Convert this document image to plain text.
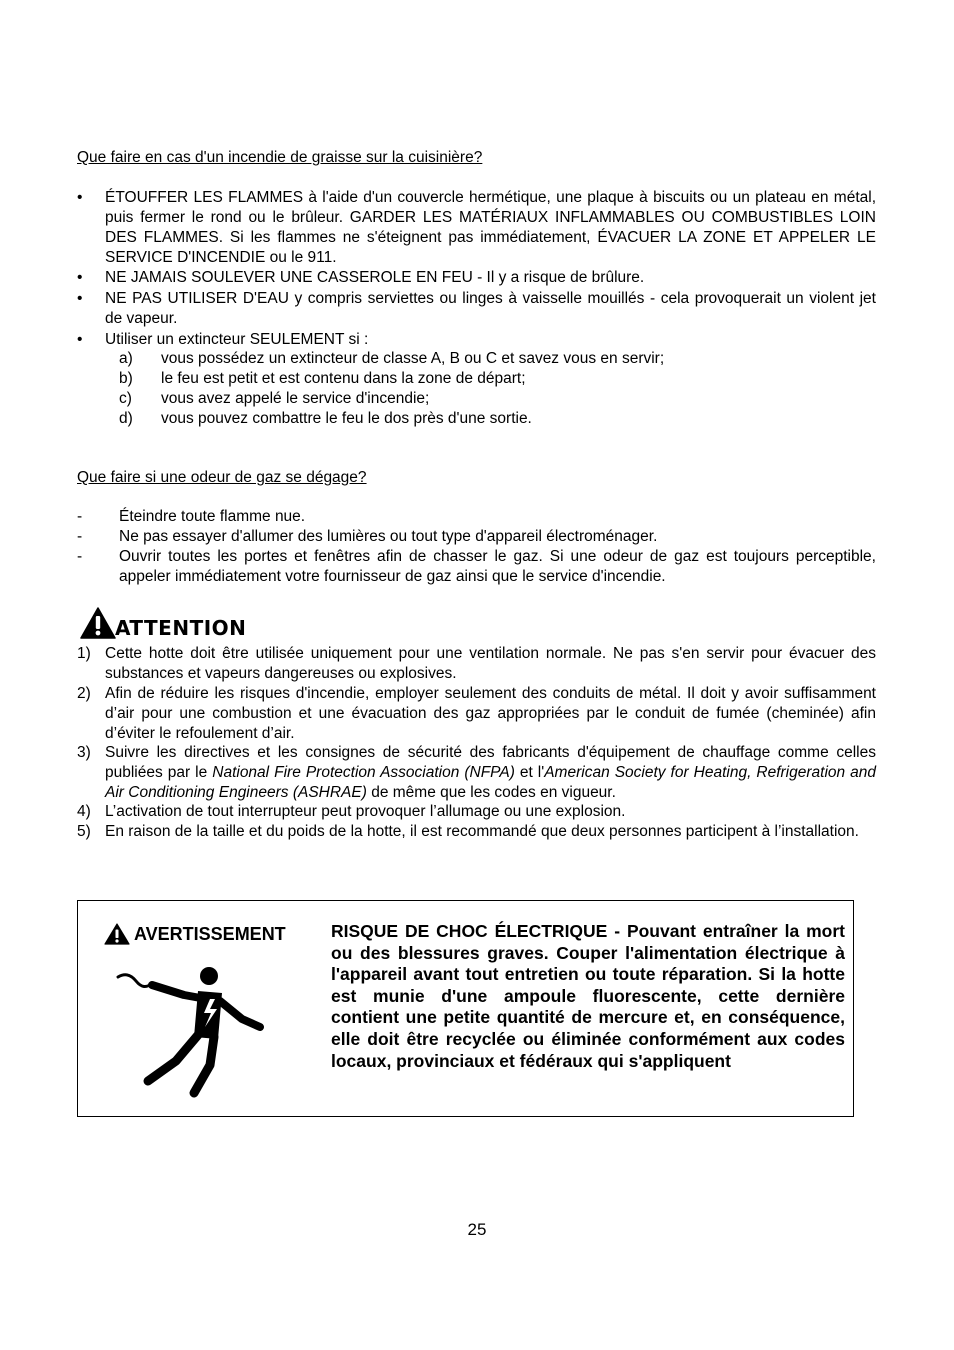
Que faire en cas d'un incendie de graisse sur la cuisinière?
•	ÉTOUFFER LES FLAMMES à l'aide d'un couvercle hermétique, une plaque à biscuits ou un plateau en métal, puis fermer le rond ou le brûleur. GARDER LES MATÉRIAUX INFLAMMABLES OU COMBUSTIBLES LOIN DES FLAMMES. Si les flammes ne s'éteignent pas immédiatement, ÉVACUER LA ZONE ET APPELER LE SERVICE D'INCENDIE ou le 911.
•	NE JAMAIS SOULEVER UNE CASSEROLE EN FEU - Il y a risque de brûlure.
•	NE PAS UTILISER D'EAU y compris serviettes ou linges à vaisselle mouillés - cela provoquerait un violent jet de vapeur.
•	Utiliser un extincteur SEULEMENT si :
a) vous possédez un extincteur de classe A, B ou C et savez vous en servir;
b) le feu est petit et est contenu dans la zone de départ;
c) vous avez appelé le service d'incendie;
d) vous pouvez combattre le feu le dos près d'une sortie.
Que faire si une odeur de gaz se dégage?
- Éteindre toute flamme nue.
- Ne pas essayer d'allumer des lumières ou tout type d'appareil électroménager.
- Ouvrir toutes les portes et fenêtres afin de chasser le gaz. Si une odeur de gaz est toujours perceptible, appeler immédiatement votre fournisseur de gaz ainsi que le service d'incendie.
ATTENTION
1) Cette hotte doit être utilisée uniquement pour une ventilation normale. Ne pas s'en servir pour évacuer des substances et vapeurs dangereuses ou explosives.
2) Afin de réduire les risques d'incendie, employer seulement des conduits de métal. Il doit y avoir suffisamment d’air pour une combustion et une évacuation des gaz appropriées par le conduit de fumée (cheminée) afin d’éviter le refoulement d’air.
3) Suivre les directives et les consignes de sécurité des fabricants d'équipement de chauffage comme celles publiées par le National Fire Protection Association (NFPA) et l'American Society for Heating, Refrigeration and Air Conditioning Engineers (ASHRAE) de même que les codes en vigueur.
4) L’activation de tout interrupteur peut provoquer l’allumage ou une explosion.
5) En raison de la taille et du poids de la hotte, il est recommandé que deux personnes participent à l’installation.
AVERTISSEMENT	RISQUE DE CHOC ÉLECTRIQUE - Pouvant entraîner la mort ou des blessures graves. Couper l'alimentation électrique à l'appareil avant tout entretien ou toute réparation. Si la hotte est munie d'une ampoule fluorescente, cette dernière contient une petite quantité de mercure et, en conséquence, elle doit être recyclée ou éliminée conformément aux codes locaux, provinciaux et fédéraux qui s'appliquent
25
